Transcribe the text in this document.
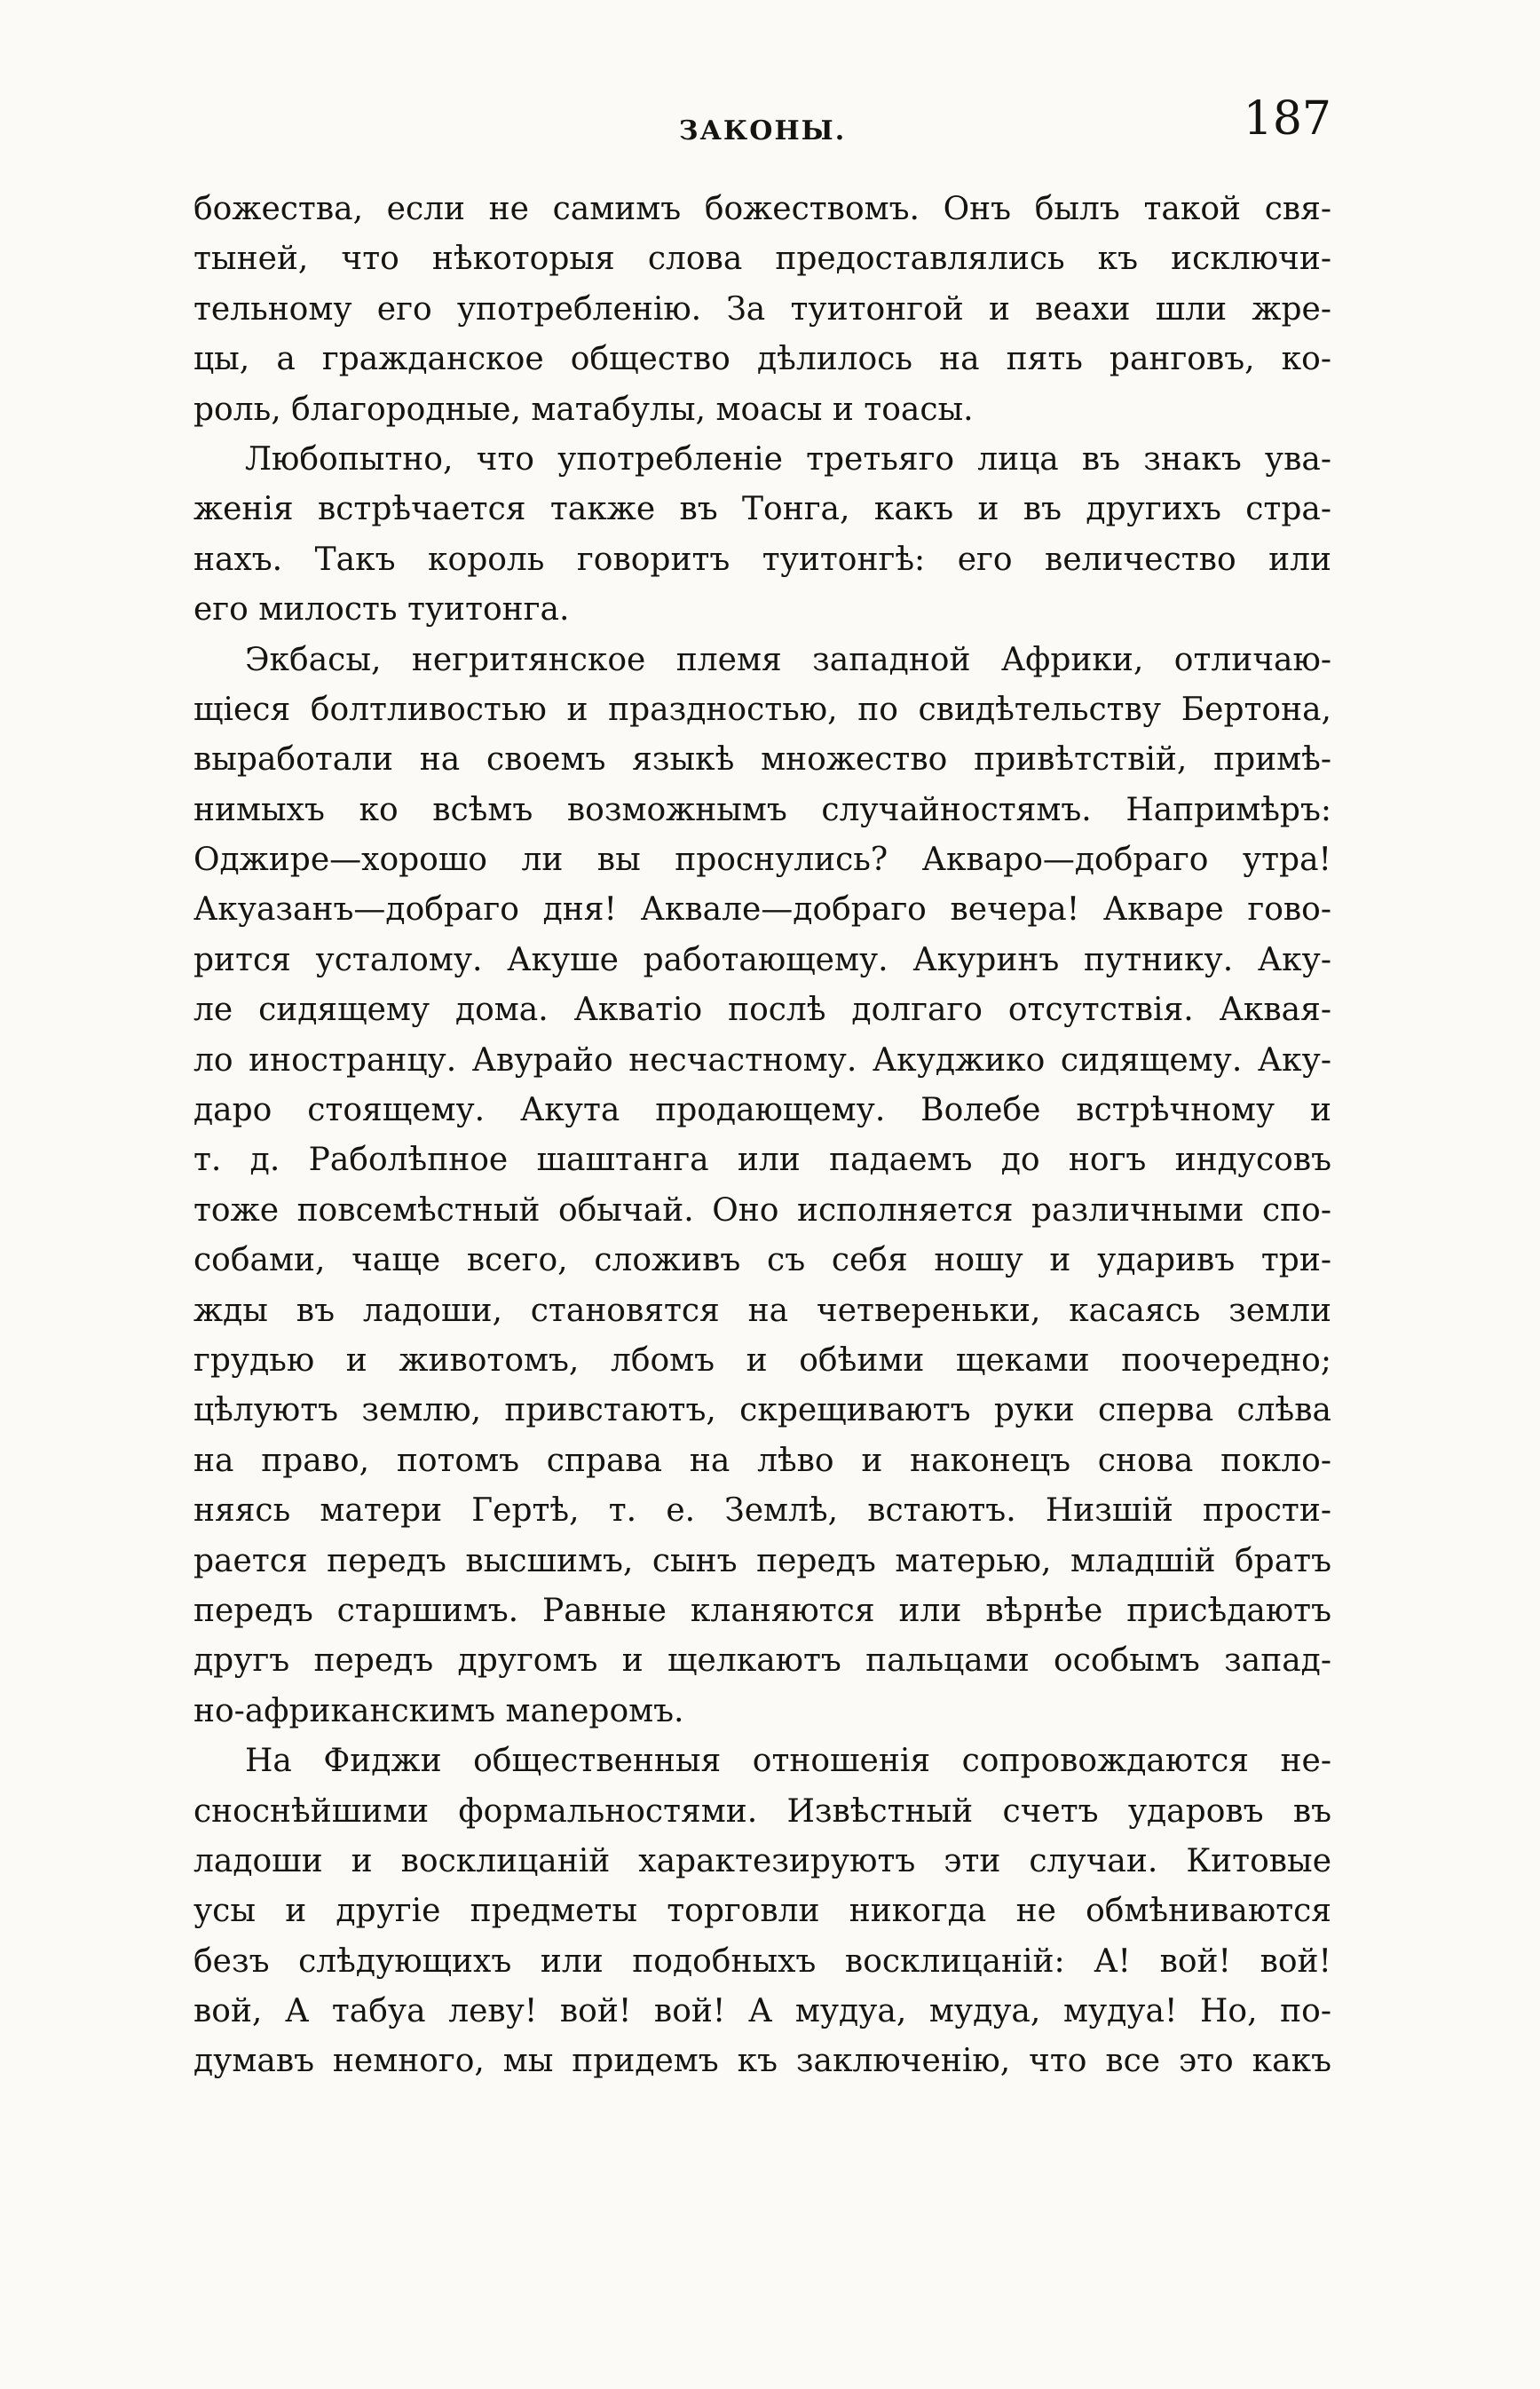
ЗАКОНЫ.	187
божества, если не самимъ божествомъ. Онъ былъ такой свя-
тыней, что нѣкоторыя слова предоставлялись къ исключи-
тельному его употребленію. За туитонгой и веахи шли жре-
цы, а гражданское общество дѣлилось на пять ранговъ, ко-
роль, благородные, матабулы, моасы и тоасы.
Любопытно, что употребленіе третьяго лица въ знакъ ува-
женія встрѣчается также въ Тонга, какъ и въ другихъ стра-
нахъ. Такъ король говоритъ туитонгѣ: его величество или
его милость туитонга.
Экбасы, негритянское племя западной Африки, отличаю-
щіеся болтливостью и праздностью, по свидѣтельству Бертона,
выработали на своемъ языкѣ множество привѣтствій, примѣ-
нимыхъ ко всѣмъ возможнымъ случайностямъ. Напримѣръ:
Оджире—хорошо ли вы проснулись? Акваро—добраго утра!
Акуазанъ—добраго дня! Аквале—добраго вечера! Акваре гово-
рится усталому. Акуше работающему. Акуринъ путнику. Аку-
ле сидящему дома. Акватіо послѣ долгаго отсутствія. Аквая-
ло иностранцу. Авурайо несчастному. Акуджико сидящему. Аку-
даро стоящему. Акута продающему. Волебе встрѣчному и
т. д. Раболѣпное шаштанга или падаемъ до ногъ индусовъ
тоже повсемѣстный обычай. Оно исполняется различными спо-
собами, чаще всего, сложивъ съ себя ношу и ударивъ три-
жды въ ладоши, становятся на четвереньки, касаясь земли
грудью и животомъ, лбомъ и обѣими щеками поочередно;
цѣлуютъ землю, привстаютъ, скрещиваютъ руки сперва слѣва
на право, потомъ справа на лѣво и наконецъ снова покло-
няясь матери Гертѣ, т. е. Землѣ, встаютъ. Низшій прости-
рается передъ высшимъ, сынъ передъ матерью, младшій братъ
передъ старшимъ. Равные кланяются или вѣрнѣе присѣдаютъ
другъ передъ другомъ и щелкаютъ пальцами особымъ запад-
но-африканскимъ маneромъ.
На Фиджи общественныя отношенія сопровождаются не-
сноснѣйшими формальностями. Извѣстный счетъ ударовъ въ
ладоши и восклицаній характезируютъ эти случаи. Китовые
усы и другіе предметы торговли никогда не обмѣниваются
безъ слѣдующихъ или подобныхъ восклицаній: А! вой! вой!
вой, А табуа леву! вой! вой! А мудуа, мудуа, мудуа! Но, по-
думавъ немного, мы придемъ къ заключенію, что все это какъ
